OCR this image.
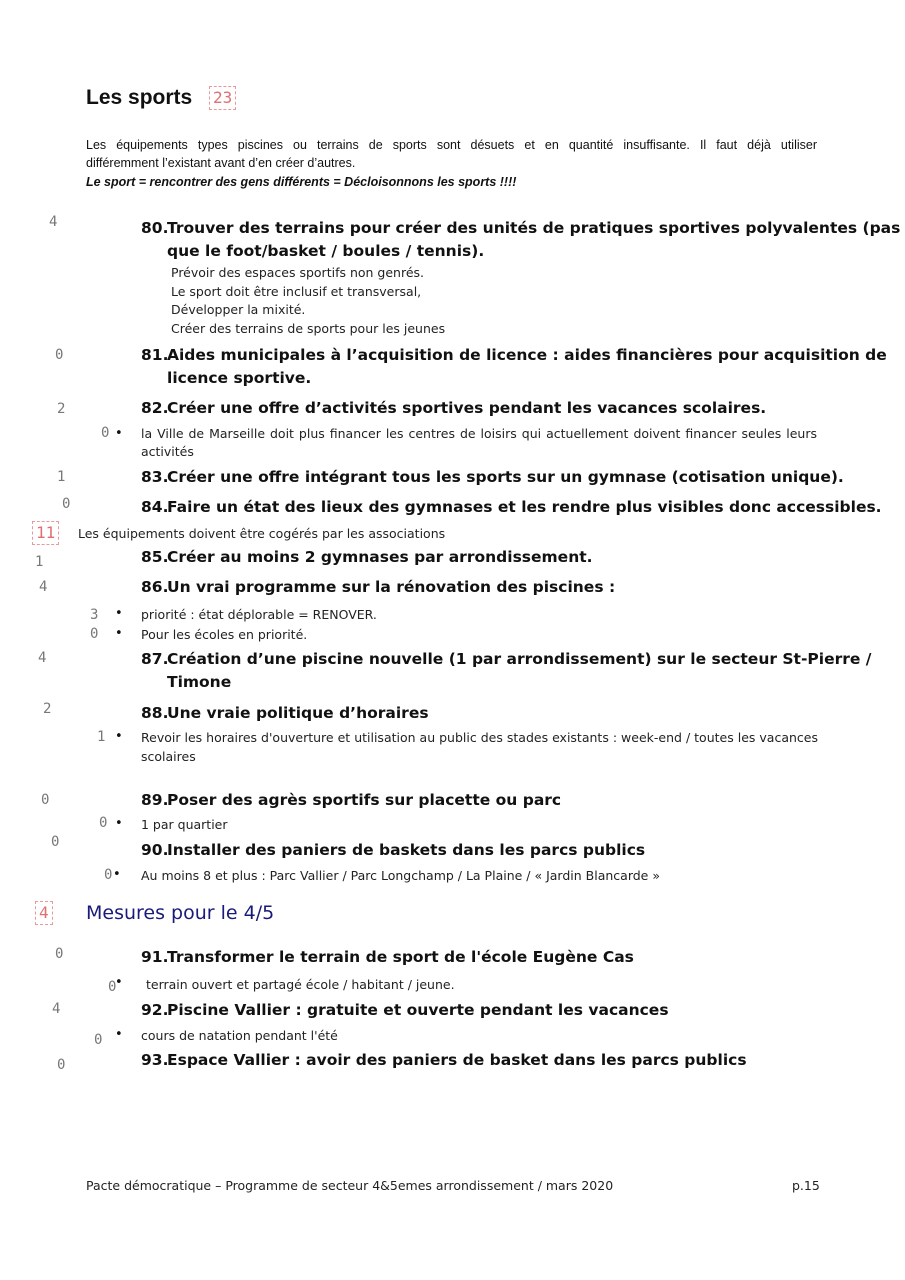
Les sports 23
Les équipements types piscines ou terrains de sports sont désuets et en quantité insuffisante. Il faut déjà utiliser
différemment l’existant avant d’en créer d’autres.
Le sport = rencontrer des gens différents = Décloisonnons les sports !!!!
4	80.Trouver des terrains pour créer des unités de pratiques sportives polyvalentes (pas
que le foot/basket / boules / tennis).
Prévoir des espaces sportifs non genrés.
Le sport doit être inclusif et transversal,
Développer la mixité.
Créer des terrains de sports pour les jeunes
0	81.Aides municipales à l’acquisition de licence : aides financières pour acquisition de
licence sportive.
2	82.Créer une offre d’activités sportives pendant les vacances scolaires.
0 • la Ville de Marseille doit plus financer les centres de loisirs qui actuellement doivent financer seules leurs
activités
1	83.Créer une offre intégrant tous les sports sur un gymnase (cotisation unique).
0	84.Faire un état des lieux des gymnases et les rendre plus visibles donc accessibles.
11	Les équipements doivent être cogérés par les associations
1	85.Créer au moins 2 gymnases par arrondissement.
4	86.Un vrai programme sur la rénovation des piscines :
3 • priorité : état déplorable = RENOVER.
0 • Pour les écoles en priorité.
4	87.Création d’une piscine nouvelle (1 par arrondissement) sur le secteur St-Pierre /
Timone
2	88.Une vraie politique d’horaires
1 • Revoir les horaires d'ouverture et utilisation au public des stades existants : week-end / toutes les vacances
scolaires
0	89.Poser des agrès sportifs sur placette ou parc
0 • 1 par quartier
0	90.Installer des paniers de baskets dans les parcs publics
0 • Au moins 8 et plus : Parc Vallier / Parc Longchamp / La Plaine / « Jardin Blancarde »
4 Mesures pour le 4/5
0	91.Transformer le terrain de sport de l'école Eugène Cas
0
• terrain ouvert et partagé école / habitant / jeune.
4	92.Piscine Vallier : gratuite et ouverte pendant les vacances
0 • cours de natation pendant l'été
0	93.Espace Vallier : avoir des paniers de basket dans les parcs publics
Pacte démocratique – Programme de secteur 4&5emes arrondissement / mars 2020	p.15
